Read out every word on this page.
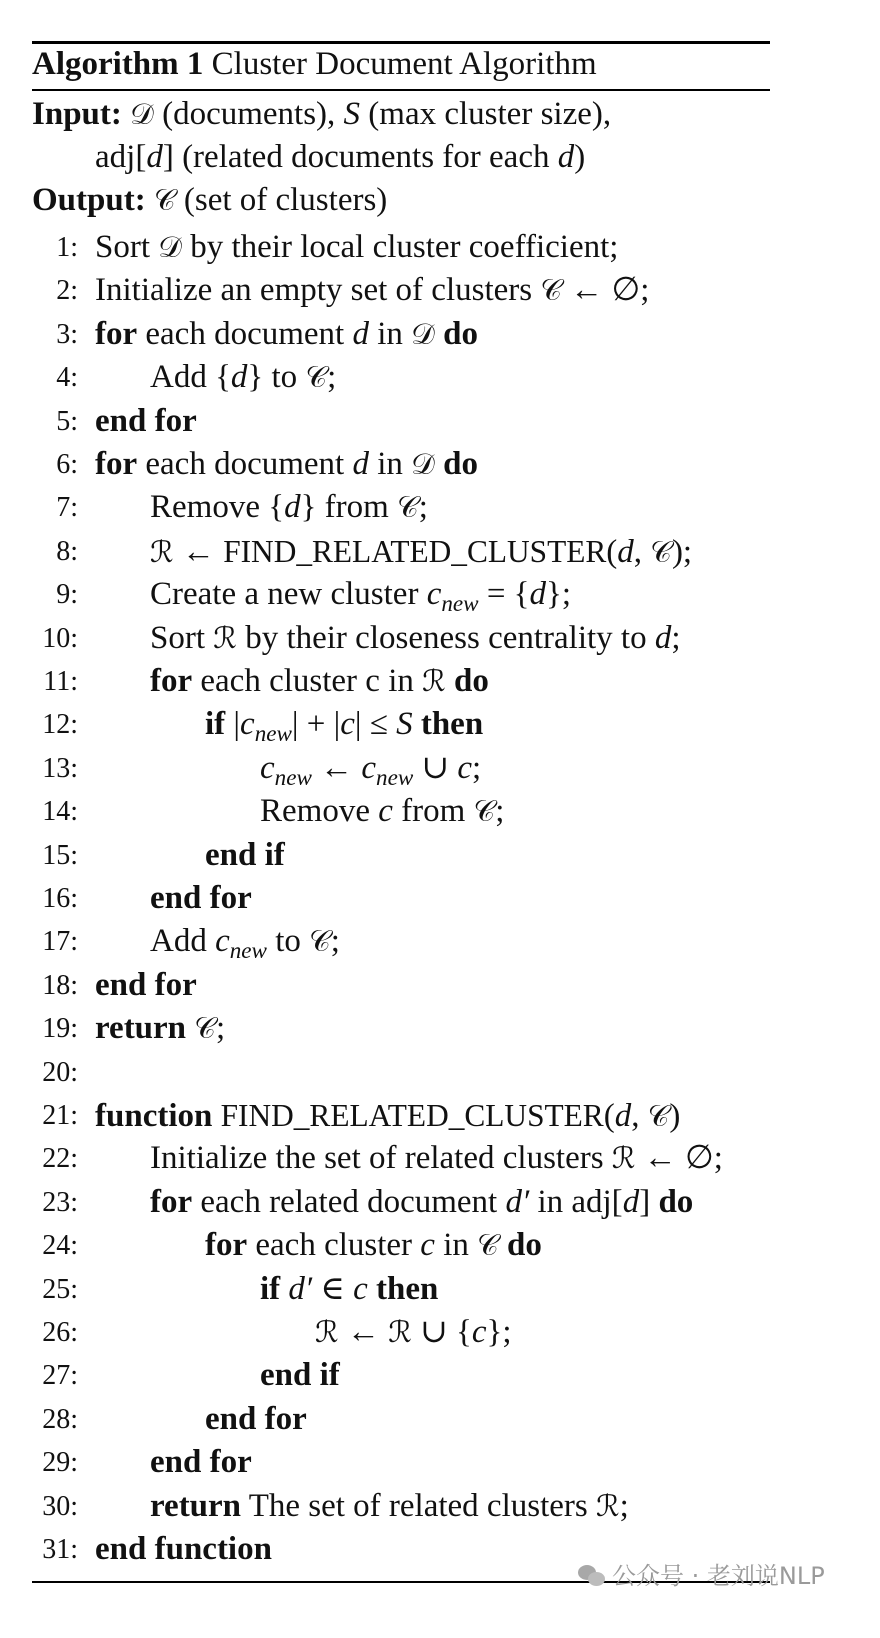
Algorithm 1 Cluster Document Algorithm
Input: 𝒟 (documents), S (max cluster size),
adj[d] (related documents for each d)
Output: 𝒞 (set of clusters)
1: Sort 𝒟 by their local cluster coefficient;
2: Initialize an empty set of clusters 𝒞 ← ∅;
3: for each document d in 𝒟 do
4: Add {d} to 𝒞;
5: end for
6: for each document d in 𝒟 do
7: Remove {d} from 𝒞;
8: ℛ ← FIND_RELATED_CLUSTER(d, 𝒞);
9: Create a new cluster $c_{new} = \{d\}$;
10: Sort ℛ by their closeness centrality to d;
11: for each cluster c in ℛ do
12:	if $|c_{new}| + |c| \le S$ then
13:	$c_{new}$ ← $c_{new}$ ∪ c;
14:	Remove c from 𝒞;
15:	end if
16: end for
17: Add $c_{new}$ to 𝒞;
18: end for
19: return 𝒞;
20:
21: function FIND_RELATED_CLUSTER(d, 𝒞)
22: Initialize the set of related clusters ℛ ← ∅;
23: for each related document d′ in adj[d] do
24:	for each cluster c in 𝒞 do
25:	if d′ ∈ c then
26:	ℛ ← ℛ ∪ {c};
27:	end if
28:	end for
29: end for
30: return The set of related clusters ℛ;
31: end function
公众号 · 老刘说NLP
